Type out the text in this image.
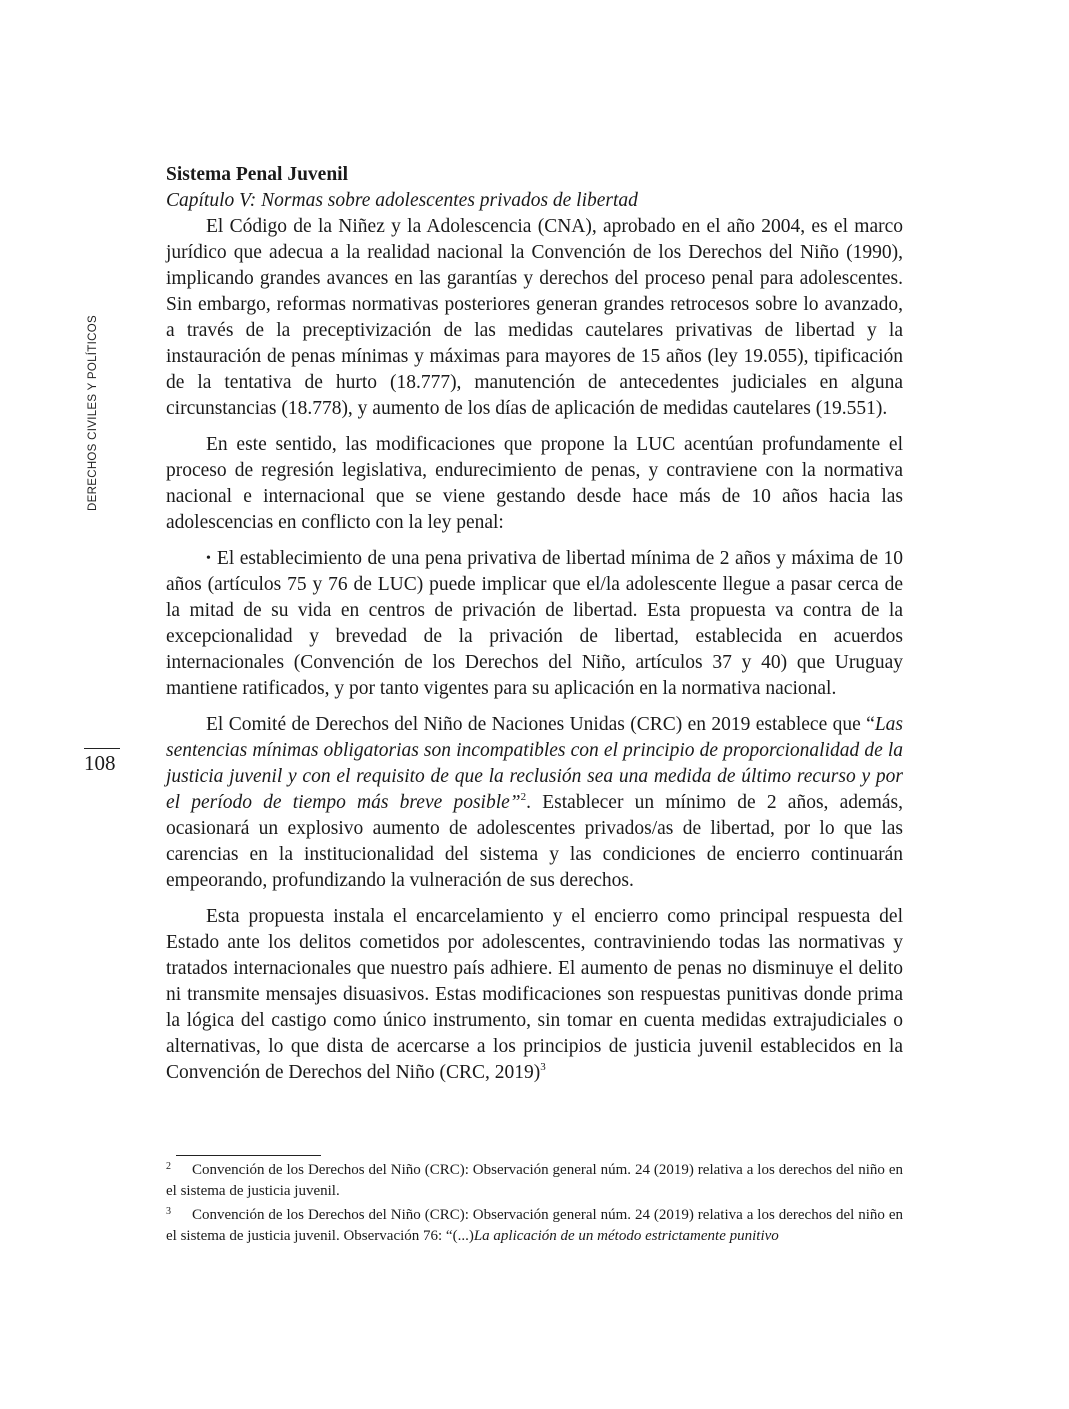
DERECHOS CIVILES Y POLÍTICOS
108

Sistema Penal Juvenil

Capítulo V: Normas sobre adolescentes privados de libertad

El Código de la Niñez y la Adolescencia (CNA), aprobado en el año 2004, es el marco jurídico que adecua a la realidad nacional la Convención de los Derechos del Niño (1990), implicando grandes avances en las garantías y derechos del proceso penal para adolescentes. Sin embargo, reformas normativas posteriores generan grandes retrocesos sobre lo avanzado, a través de la preceptivización de las medidas cautelares privativas de libertad y la instauración de penas mínimas y máximas para mayores de 15 años (ley 19.055), tipificación de la tentativa de hurto (18.777), manutención de antecedentes judiciales en alguna circunstancias (18.778), y aumento de los días de aplicación de medidas cautelares (19.551).

En este sentido, las modificaciones que propone la LUC acentúan profundamente el proceso de regresión legislativa, endurecimiento de penas, y contraviene con la normativa nacional e internacional que se viene gestando desde hace más de 10 años hacia las adolescencias en conflicto con la ley penal:

• El establecimiento de una pena privativa de libertad mínima de 2 años y máxima de 10 años (artículos 75 y 76 de LUC) puede implicar que el/la adolescente llegue a pasar cerca de la mitad de su vida en centros de privación de libertad. Esta propuesta va contra de la excepcionalidad y brevedad de la privación de libertad, establecida en acuerdos internacionales (Convención de los Derechos del Niño, artículos 37 y 40) que Uruguay mantiene ratificados, y por tanto vigentes para su aplicación en la normativa nacional.

El Comité de Derechos del Niño de Naciones Unidas (CRC) en 2019 establece que “Las sentencias mínimas obligatorias son incompatibles con el principio de proporcionalidad de la justicia juvenil y con el requisito de que la reclusión sea una medida de último recurso y por el período de tiempo más breve posible”$^2$. Establecer un mínimo de 2 años, además, ocasionará un explosivo aumento de adolescentes privados/as de libertad, por lo que las carencias en la institucionalidad del sistema y las condiciones de encierro continuarán empeorando, profundizando la vulneración de sus derechos.

Esta propuesta instala el encarcelamiento y el encierro como principal respuesta del Estado ante los delitos cometidos por adolescentes, contraviniendo todas las normativas y tratados internacionales que nuestro país adhiere. El aumento de penas no disminuye el delito ni transmite mensajes disuasivos. Estas modificaciones son respuestas punitivas donde prima la lógica del castigo como único instrumento, sin tomar en cuenta medidas extrajudiciales o alternativas, lo que dista de acercarse a los principios de justicia juvenil establecidos en la Convención de Derechos del Niño (CRC, 2019)$^3$

2 Convención de los Derechos del Niño (CRC): Observación general núm. 24 (2019) relativa a los derechos del niño en el sistema de justicia juvenil.

3 Convención de los Derechos del Niño (CRC): Observación general núm. 24 (2019) relativa a los derechos del niño en el sistema de justicia juvenil. Observación 76: “(...)La aplicación de un método estrictamente punitivo
